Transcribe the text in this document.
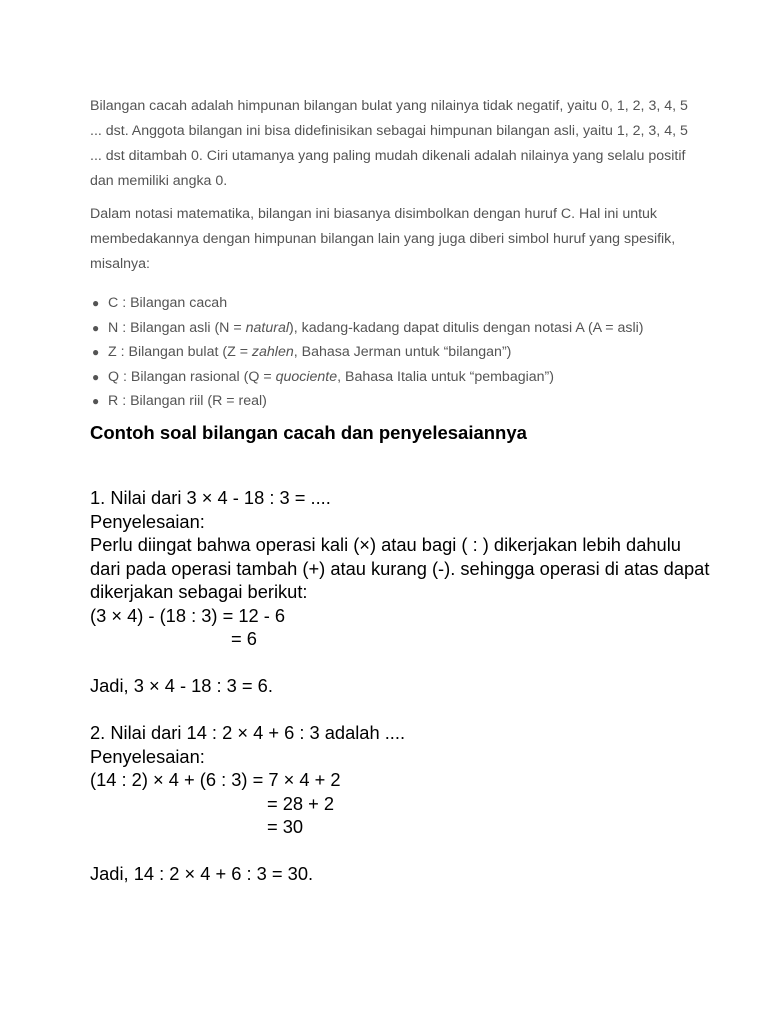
Bilangan cacah adalah himpunan bilangan bulat yang nilainya tidak negatif, yaitu 0, 1, 2, 3, 4, 5 ... dst. Anggota bilangan ini bisa didefinisikan sebagai himpunan bilangan asli, yaitu 1, 2, 3, 4, 5 ... dst ditambah 0. Ciri utamanya yang paling mudah dikenali adalah nilainya yang selalu positif dan memiliki angka 0.

Dalam notasi matematika, bilangan ini biasanya disimbolkan dengan huruf C. Hal ini untuk membedakannya dengan himpunan bilangan lain yang juga diberi simbol huruf yang spesifik, misalnya:

● C : Bilangan cacah
● N : Bilangan asli (N = natural), kadang-kadang dapat ditulis dengan notasi A (A = asli)
● Z : Bilangan bulat (Z = zahlen, Bahasa Jerman untuk “bilangan”)
● Q : Bilangan rasional (Q = quociente, Bahasa Italia untuk “pembagian”)
● R : Bilangan riil (R = real)
Contoh soal bilangan cacah dan penyelesaiannya
1. Nilai dari 3 × 4 - 18 : 3 = ....
Penyelesaian:
Perlu diingat bahwa operasi kali (×) atau bagi ( : ) dikerjakan lebih dahulu dari pada operasi tambah (+) atau kurang (-). sehingga operasi di atas dapat dikerjakan sebagai berikut:
(3 × 4) - (18 : 3) = 12 - 6
= 6
Jadi, 3 × 4 - 18 : 3 = 6.
2. Nilai dari 14 : 2 × 4 + 6 : 3 adalah ....
Penyelesaian:
(14 : 2) × 4 + (6 : 3) = 7 × 4 + 2
= 28 + 2
= 30
Jadi, 14 : 2 × 4 + 6 : 3 = 30.
